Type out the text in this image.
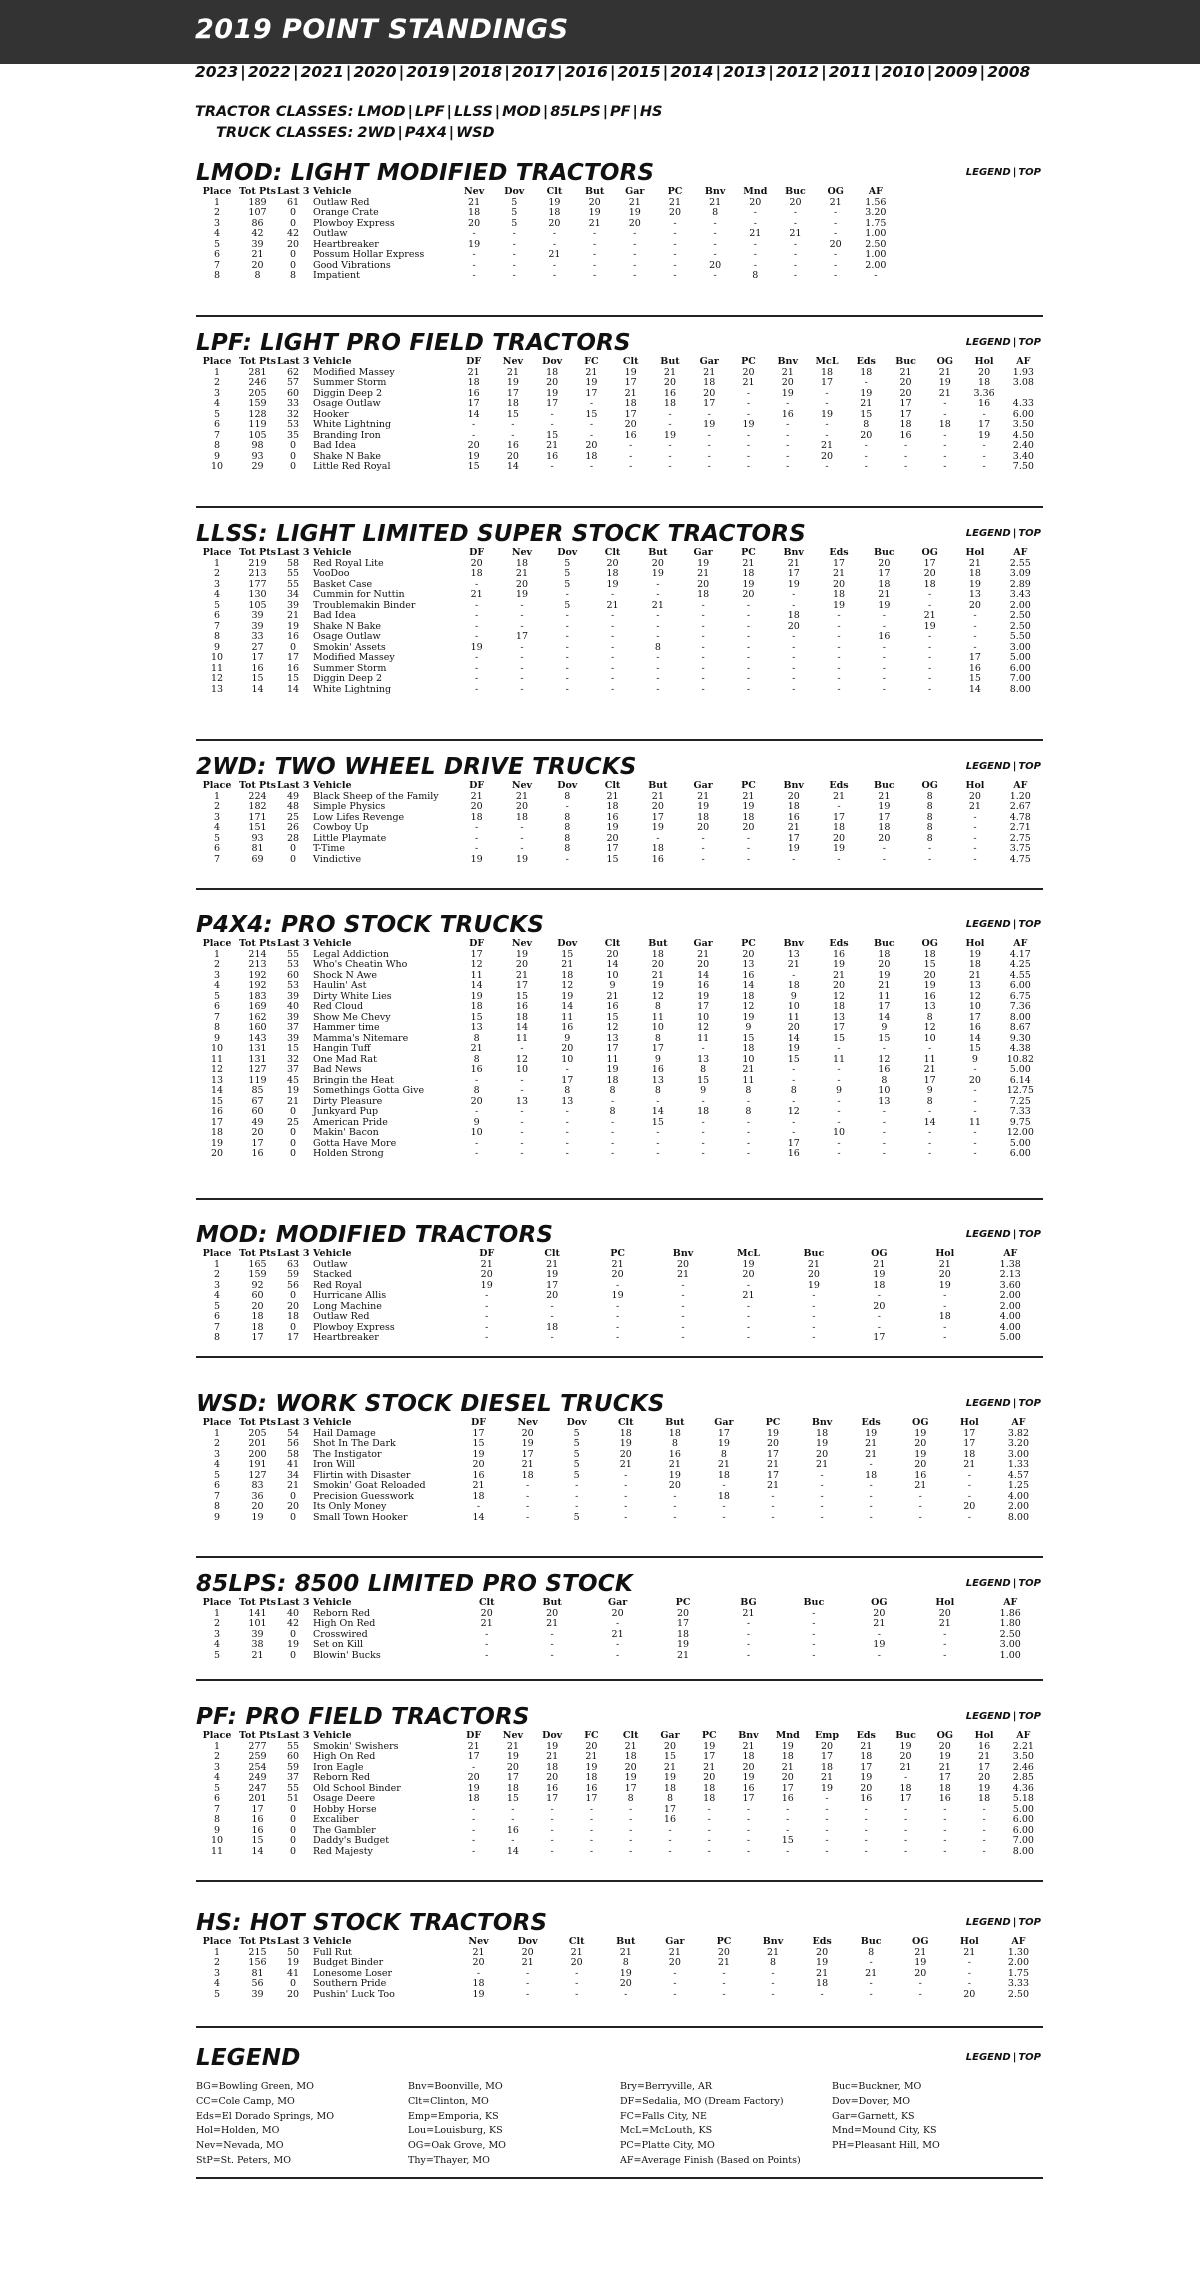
2019 POINT STANDINGS
2023 | 2022 | 2021 | 2020 | 2019 | 2018 | 2017 | 2016 | 2015 | 2014 | 2013 | 2012 | 2011 | 2010 | 2009 | 2008
TRACTOR CLASSES: LMOD | LPF | LLSS | MOD | 85LPS | PF | HS
TRUCK CLASSES: 2WD | P4X4 | WSD
LMOD: LIGHT MODIFIED TRACTORS	LEGEND | TOP
Place	Tot Pts	Last 3	Vehicle	Nev	Dov	Clt	But	Gar	PC	Bnv	Mnd	Buc	OG	AF
1	189	61	Outlaw Red	21	5	19	20	21	21	21	20	20	21	1.56
2	107	0	Orange Crate	18	5	18	19	19	20	8	-	-	-	3.20
3	86	0	Plowboy Express	20	5	20	21	20	-	-	-	-	-	1.75
4	42	42	Outlaw	-	-	-	-	-	-	-	21	21	-	1.00
5	39	20	Heartbreaker	19	-	-	-	-	-	-	-	-	20	2.50
6	21	0	Possum Hollar Express	-	-	21	-	-	-	-	-	-	-	1.00
7	20	0	Good Vibrations	-	-	-	-	-	-	20	-	-	-	2.00
8	8	8	Impatient	-	-	-	-	-	-	-	8	-	-	-
LPF: LIGHT PRO FIELD TRACTORS	LEGEND | TOP
Place	Tot Pts	Last 3	Vehicle	DF	Nev	Dov	FC	Clt	But	Gar	PC	Bnv	McL	Eds	Buc	OG	Hol	AF
1	281	62	Modified Massey	21	21	18	21	19	21	21	20	21	18	18	21	21	20	1.93
2	246	57	Summer Storm	18	19	20	19	17	20	18	21	20	17	-	20	19	18	3.08
3	205	60	Diggin Deep 2	16	17	19	17	21	16	20	-	19	-	19	20	21	3.36	
4	159	33	Osage Outlaw	17	18	17	-	18	18	17	-	-	-	21	17	-	16	4.33
5	128	32	Hooker	14	15	-	15	17	-	-	-	16	19	15	17	-	-	6.00
6	119	53	White Lightning	-	-	-	-	20	-	19	19	-	-	8	18	18	17	3.50
7	105	35	Branding Iron	-	-	15	-	16	19	-	-	-	-	20	16	-	19	4.50
8	98	0	Bad Idea	20	16	21	20	-	-	-	-	-	21	-	-	-	-	2.40
9	93	0	Shake N Bake	19	20	16	18	-	-	-	-	-	20	-	-	-	-	3.40
10	29	0	Little Red Royal	15	14	-	-	-	-	-	-	-	-	-	-	-	-	7.50
LLSS: LIGHT LIMITED SUPER STOCK TRACTORS	LEGEND | TOP
Place	Tot Pts	Last 3	Vehicle	DF	Nev	Dov	Clt	But	Gar	PC	Bnv	Eds	Buc	OG	Hol	AF
1	219	58	Red Royal Lite	20	18	5	20	20	19	21	21	17	20	17	21	2.55
2	213	55	VooDoo	18	21	5	18	19	21	18	17	21	17	20	18	3.09
3	177	55	Basket Case	-	20	5	19	-	20	19	19	20	18	18	19	2.89
4	130	34	Cummin for Nuttin	21	19	-	-	-	18	20	-	18	21	-	13	3.43
5	105	39	Troublemakin Binder	-	-	5	21	21	-	-	-	19	19	-	20	2.00
6	39	21	Bad Idea	-	-	-	-	-	-	-	18	-	-	21	-	2.50
7	39	19	Shake N Bake	-	-	-	-	-	-	-	20	-	-	19	-	2.50
8	33	16	Osage Outlaw	-	17	-	-	-	-	-	-	-	16	-	-	5.50
9	27	0	Smokin' Assets	19	-	-	-	8	-	-	-	-	-	-	-	3.00
10	17	17	Modified Massey	-	-	-	-	-	-	-	-	-	-	-	17	5.00
11	16	16	Summer Storm	-	-	-	-	-	-	-	-	-	-	-	16	6.00
12	15	15	Diggin Deep 2	-	-	-	-	-	-	-	-	-	-	-	15	7.00
13	14	14	White Lightning	-	-	-	-	-	-	-	-	-	-	-	14	8.00
2WD: TWO WHEEL DRIVE TRUCKS	LEGEND | TOP
Place	Tot Pts	Last 3	Vehicle	DF	Nev	Dov	Clt	But	Gar	PC	Bnv	Eds	Buc	OG	Hol	AF
1	224	49	Black Sheep of the Family	21	21	8	21	21	21	21	20	21	21	8	20	1.20
2	182	48	Simple Physics	20	20	-	18	20	19	19	18	-	19	8	21	2.67
3	171	25	Low Lifes Revenge	18	18	8	16	17	18	18	16	17	17	8	-	4.78
4	151	26	Cowboy Up	-	-	8	19	19	20	20	21	18	18	8	-	2.71
5	93	28	Little Playmate	-	-	8	20	-	-	-	17	20	20	8	-	2.75
6	81	0	T-Time	-	-	8	17	18	-	-	19	19	-	-	-	3.75
7	69	0	Vindictive	19	19	-	15	16	-	-	-	-	-	-	-	4.75
P4X4: PRO STOCK TRUCKS	LEGEND | TOP
Place	Tot Pts	Last 3	Vehicle	DF	Nev	Dov	Clt	But	Gar	PC	Bnv	Eds	Buc	OG	Hol	AF
1	214	55	Legal Addiction	17	19	15	20	18	21	20	13	16	18	18	19	4.17
2	213	53	Who's Cheatin Who	12	20	21	14	20	20	13	21	19	20	15	18	4.25
3	192	60	Shock N Awe	11	21	18	10	21	14	16	-	21	19	20	21	4.55
4	192	53	Haulin' Ast	14	17	12	9	19	16	14	18	20	21	19	13	6.00
5	183	39	Dirty White Lies	19	15	19	21	12	19	18	9	12	11	16	12	6.75
6	169	40	Red Cloud	18	16	14	16	8	17	12	10	18	17	13	10	7.36
7	162	39	Show Me Chevy	15	18	11	15	11	10	19	11	13	14	8	17	8.00
8	160	37	Hammer time	13	14	16	12	10	12	9	20	17	9	12	16	8.67
9	143	39	Mamma's Nitemare	8	11	9	13	8	11	15	14	15	15	10	14	9.30
10	131	15	Hangin Tuff	21	-	20	17	17	-	18	19	-	-	-	15	4.38
11	131	32	One Mad Rat	8	12	10	11	9	13	10	15	11	12	11	9	10.82
12	127	37	Bad News	16	10	-	19	16	8	21	-	-	16	21	-	5.00
13	119	45	Bringin the Heat	-	-	17	18	13	15	11	-	-	8	17	20	6.14
14	85	19	Somethings Gotta Give	8	-	8	8	8	9	8	8	9	10	9	-	12.75
15	67	21	Dirty Pleasure	20	13	13	-	-	-	-	-	-	13	8	-	7.25
16	60	0	Junkyard Pup	-	-	-	8	14	18	8	12	-	-	-	-	7.33
17	49	25	American Pride	9	-	-	-	15	-	-	-	-	-	14	11	9.75
18	20	0	Makin' Bacon	10	-	-	-	-	-	-	-	10	-	-	-	12.00
19	17	0	Gotta Have More	-	-	-	-	-	-	-	17	-	-	-	-	5.00
20	16	0	Holden Strong	-	-	-	-	-	-	-	16	-	-	-	-	6.00
MOD: MODIFIED TRACTORS	LEGEND | TOP
Place	Tot Pts	Last 3	Vehicle	DF	Clt	PC	Bnv	McL	Buc	OG	Hol	AF
1	165	63	Outlaw	21	21	21	20	19	21	21	21	1.38
2	159	59	Stacked	20	19	20	21	20	20	19	20	2.13
3	92	56	Red Royal	19	17	-	-	-	19	18	19	3.60
4	60	0	Hurricane Allis	-	20	19	-	21	-	-	-	2.00
5	20	20	Long Machine	-	-	-	-	-	-	20	-	2.00
6	18	18	Outlaw Red	-	-	-	-	-	-	-	18	4.00
7	18	0	Plowboy Express	-	18	-	-	-	-	-	-	4.00
8	17	17	Heartbreaker	-	-	-	-	-	-	17	-	5.00
WSD: WORK STOCK DIESEL TRUCKS	LEGEND | TOP
Place	Tot Pts	Last 3	Vehicle	DF	Nev	Dov	Clt	But	Gar	PC	Bnv	Eds	OG	Hol	AF
1	205	54	Hail Damage	17	20	5	18	18	17	19	18	19	19	17	3.82
2	201	56	Shot In The Dark	15	19	5	19	8	19	20	19	21	20	17	3.20
3	200	58	The Instigator	19	17	5	20	16	8	17	20	21	19	18	3.00
4	191	41	Iron Will	20	21	5	21	21	21	21	21	-	20	21	1.33
5	127	34	Flirtin with Disaster	16	18	5	-	19	18	17	-	18	16	-	4.57
6	83	21	Smokin' Goat Reloaded	21	-	-	-	20	-	21	-	-	21	-	1.25
7	36	0	Precision Guesswork	18	-	-	-	-	18	-	-	-	-	-	4.00
8	20	20	Its Only Money	-	-	-	-	-	-	-	-	-	-	20	2.00
9	19	0	Small Town Hooker	14	-	5	-	-	-	-	-	-	-	-	8.00
85LPS: 8500 LIMITED PRO STOCK	LEGEND | TOP
Place	Tot Pts	Last 3	Vehicle	Clt	But	Gar	PC	BG	Buc	OG	Hol	AF
1	141	40	Reborn Red	20	20	20	20	21	-	20	20	1.86
2	101	42	High On Red	21	21	-	17	-	-	21	21	1.80
3	39	0	Crosswired	-	-	21	18	-	-	-	-	2.50
4	38	19	Set on Kill	-	-	-	19	-	-	19	-	3.00
5	21	0	Blowin' Bucks	-	-	-	21	-	-	-	-	1.00
PF: PRO FIELD TRACTORS	LEGEND | TOP
Place	Tot Pts	Last 3	Vehicle	DF	Nev	Dov	FC	Clt	Gar	PC	Bnv	Mnd	Emp	Eds	Buc	OG	Hol	AF
1	277	55	Smokin' Swishers	21	21	19	20	21	20	19	21	19	20	21	19	20	16	2.21
2	259	60	High On Red	17	19	21	21	18	15	17	18	18	17	18	20	19	21	3.50
3	254	59	Iron Eagle	-	20	18	19	20	21	21	20	21	18	17	21	21	17	2.46
4	249	37	Reborn Red	20	17	20	18	19	19	20	19	20	21	19	-	17	20	2.85
5	247	55	Old School Binder	19	18	16	16	17	18	18	16	17	19	20	18	18	19	4.36
6	201	51	Osage Deere	18	15	17	17	8	8	18	17	16	-	16	17	16	18	5.18
7	17	0	Hobby Horse	-	-	-	-	-	17	-	-	-	-	-	-	-	-	5.00
8	16	0	Excaliber	-	-	-	-	-	16	-	-	-	-	-	-	-	-	6.00
9	16	0	The Gambler	-	16	-	-	-	-	-	-	-	-	-	-	-	-	6.00
10	15	0	Daddy's Budget	-	-	-	-	-	-	-	-	15	-	-	-	-	-	7.00
11	14	0	Red Majesty	-	14	-	-	-	-	-	-	-	-	-	-	-	-	8.00
HS: HOT STOCK TRACTORS	LEGEND | TOP
Place	Tot Pts	Last 3	Vehicle	Nev	Dov	Clt	But	Gar	PC	Bnv	Eds	Buc	OG	Hol	AF
1	215	50	Full Rut	21	20	21	21	21	20	21	20	8	21	21	1.30
2	156	19	Budget Binder	20	21	20	8	20	21	8	19	-	19	-	2.00
3	81	41	Lonesome Loser	-	-	-	19	-	-	-	21	21	20	-	1.75
4	56	0	Southern Pride	18	-	-	20	-	-	-	18	-	-	-	3.33
5	39	20	Pushin' Luck Too	19	-	-	-	-	-	-	-	-	-	20	2.50
LEGEND	LEGEND | TOP
BG=Bowling Green, MO	Bnv=Boonville, MO	Bry=Berryville, AR	Buc=Buckner, MO
CC=Cole Camp, MO	Clt=Clinton, MO	DF=Sedalia, MO (Dream Factory)	Dov=Dover, MO
Eds=El Dorado Springs, MO	Emp=Emporia, KS	FC=Falls City, NE	Gar=Garnett, KS
Hol=Holden, MO	Lou=Louisburg, KS	McL=McLouth, KS	Mnd=Mound City, KS
Nev=Nevada, MO	OG=Oak Grove, MO	PC=Platte City, MO	PH=Pleasant Hill, MO
StP=St. Peters, MO	Thy=Thayer, MO	AF=Average Finish (Based on Points)
